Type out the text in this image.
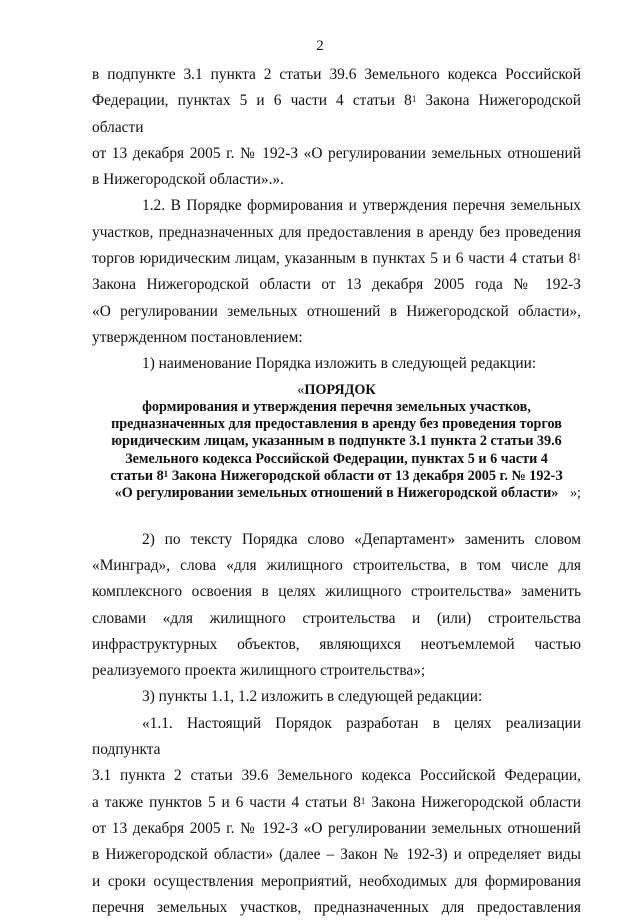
2

в подпункте 3.1 пункта 2 статьи 39.6 Земельного кодекса Российской

Федерации, пунктах 5 и 6 части 4 статьи $8^1$ Закона Нижегородской области

от 13 декабря 2005 г. № 192-З «О регулировании земельных отношений

в Нижегородской области».».

1.2. В Порядке формирования и утверждения перечня земельных

участков, предназначенных для предоставления в аренду без проведения

торгов юридическим лицам, указанным в пунктах 5 и 6 части 4 статьи $8^1$

Закона Нижегородской области от 13 декабря 2005 года № 192-З

«О регулировании земельных отношений в Нижегородской области»,

утвержденном постановлением:

1) наименование Порядка изложить в следующей редакции:

«ПОРЯДОК

формирования и утверждения перечня земельных участков,

предназначенных для предоставления в аренду без проведения торгов

юридическим лицам, указанным в подпункте 3.1 пункта 2 статьи 39.6

Земельного кодекса Российской Федерации, пунктах 5 и 6 части 4

статьи $8^1$ Закона Нижегородской области от 13 декабря 2005 г. № 192-З

«О регулировании земельных отношений в Нижегородской области» »;

2) по тексту Порядка слово «Департамент» заменить словом

«Минград», слова «для жилищного строительства, в том числе для

комплексного освоения в целях жилищного строительства» заменить

словами «для жилищного строительства и (или) строительства

инфраструктурных объектов, являющихся неотъемлемой частью

реализуемого проекта жилищного строительства»;

3) пункты 1.1, 1.2 изложить в следующей редакции:

«1.1. Настоящий Порядок разработан в целях реализации подпункта

3.1 пункта 2 статьи 39.6 Земельного кодекса Российской Федерации,

а также пунктов 5 и 6 части 4 статьи $8^1$ Закона Нижегородской области

от 13 декабря 2005 г. № 192-З «О регулировании земельных отношений

в Нижегородской области» (далее – Закон № 192-З) и определяет виды

и сроки осуществления мероприятий, необходимых для формирования

перечня земельных участков, предназначенных для предоставления
